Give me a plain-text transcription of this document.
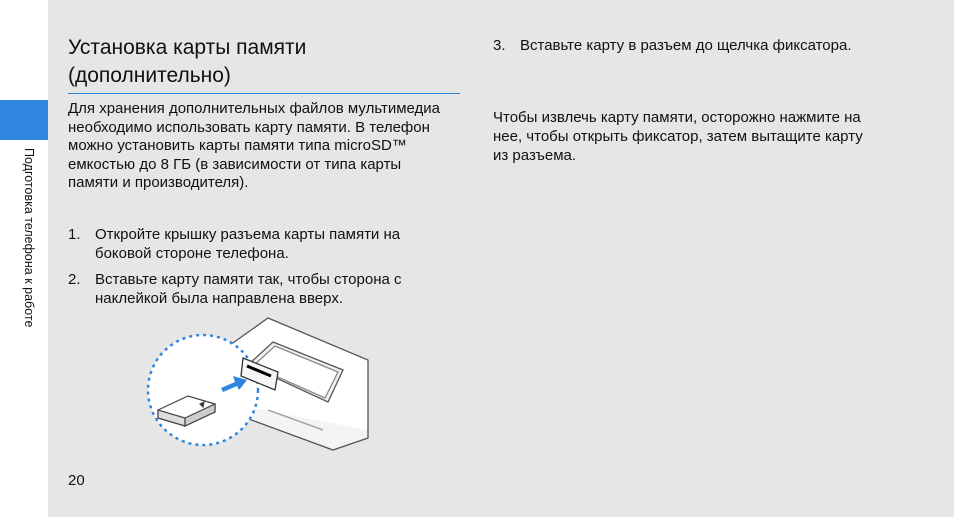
Подготовка телефона к работе
Установка карты памяти (дополнительно)
Для хранения дополнительных файлов мультимедиа необходимо использовать карту памяти. В телефон можно установить карты памяти типа microSD™ емкостью до 8 ГБ (в зависимости от типа карты памяти и производителя).
1. Откройте крышку разъема карты памяти на боковой стороне телефона.
2. Вставьте карту памяти так, чтобы сторона с наклейкой была направлена вверх.
3. Вставьте карту в разъем до щелчка фиксатора.
Чтобы извлечь карту памяти, осторожно нажмите на нее, чтобы открыть фиксатор, затем вытащите карту из разъема.
20
